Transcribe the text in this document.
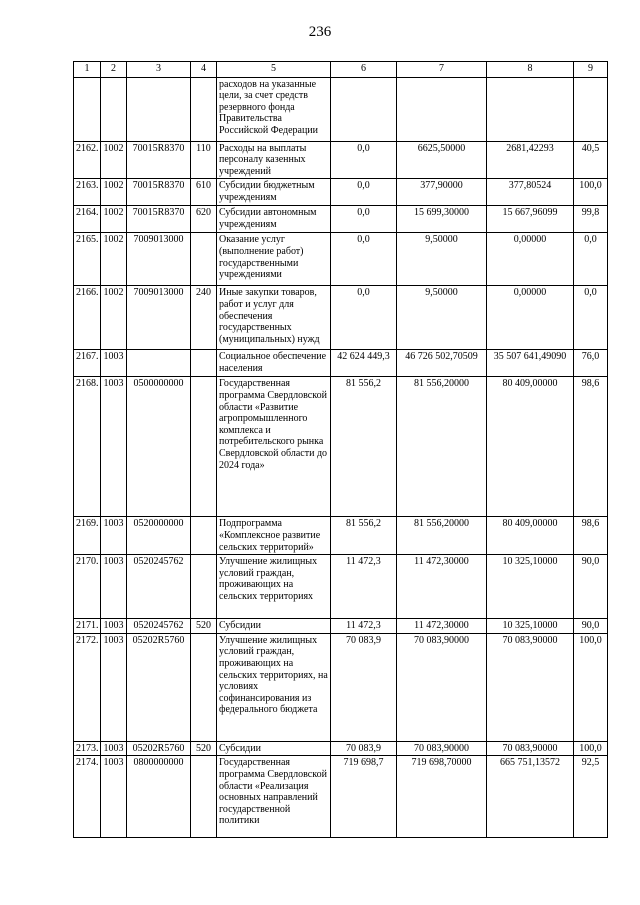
236
1	2	3	4	5	6	7	8	9
				расходов на указанные цели, за счет средств резервного фонда Правительства Российской Федерации				
2162.	1002	70015R8370	110	Расходы на выплаты персоналу казенных учреждений	0,0	6625,50000	2681,42293	40,5
2163.	1002	70015R8370	610	Субсидии бюджетным учреждениям	0,0	377,90000	377,80524	100,0
2164.	1002	70015R8370	620	Субсидии автономным учреждениям	0,0	15 699,30000	15 667,96099	99,8
2165.	1002	7009013000		Оказание услуг (выполнение работ) государственными учреждениями	0,0	9,50000	0,00000	0,0
2166.	1002	7009013000	240	Иные закупки товаров, работ и услуг для обеспечения государственных (муниципальных) нужд	0,0	9,50000	0,00000	0,0
2167.	1003			Социальное обеспечение населения	42 624 449,3	46 726 502,70509	35 507 641,49090	76,0
2168.	1003	0500000000		Государственная программа Свердловской области «Развитие агропромышленного комплекса и потребительского рынка Свердловской области до 2024 года»	81 556,2	81 556,20000	80 409,00000	98,6
2169.	1003	0520000000		Подпрограмма «Комплексное развитие сельских территорий»	81 556,2	81 556,20000	80 409,00000	98,6
2170.	1003	0520245762		Улучшение жилищных условий граждан, проживающих на сельских территориях	11 472,3	11 472,30000	10 325,10000	90,0
2171.	1003	0520245762	520	Субсидии	11 472,3	11 472,30000	10 325,10000	90,0
2172.	1003	05202R5760		Улучшение жилищных условий граждан, проживающих на сельских территориях, на условиях софинансирования из федерального бюджета	70 083,9	70 083,90000	70 083,90000	100,0
2173.	1003	05202R5760	520	Субсидии	70 083,9	70 083,90000	70 083,90000	100,0
2174.	1003	0800000000		Государственная программа Свердловской области «Реализация основных направлений государственной политики	719 698,7	719 698,70000	665 751,13572	92,5
